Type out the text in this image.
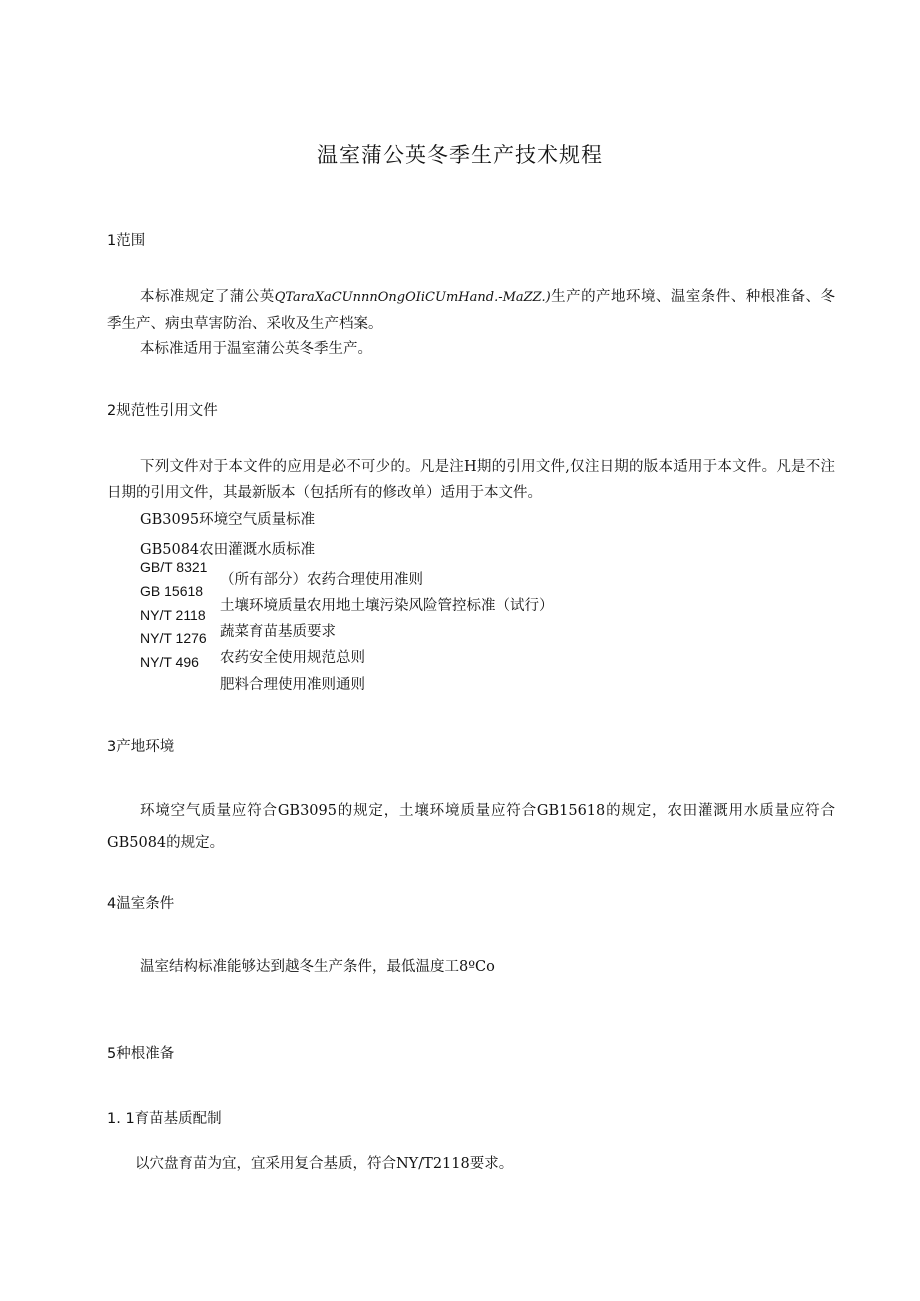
温室蒲公英冬季生产技术规程
1范围
本标准规定了蒲公英QTaraXaCUnnnOngOIiCUmHand.-MaZZ.)生产的产地环境、温室条件、种根准备、冬季生产、病虫草害防治、采收及生产档案。
本标准适用于温室蒲公英冬季生产。
2规范性引用文件
下列文件对于本文件的应用是必不可少的。凡是注H期的引用文件,仅注日期的版本适用于本文件。凡是不注日期的引用文件，其最新版本（包括所有的修改单）适用于本文件。
GB3095环境空气质量标准
GB5084农田灌溉水质标准
GB/T 8321
GB 15618
NY/T 2118
NY/T 1276
NY/T 496
（所有部分）农药合理使用准则
土壤环境质量农用地土壤污染风险管控标准（试行）
蔬菜育苗基质要求
农药安全使用规范总则
肥料合理使用准则通则
3产地环境
环境空气质量应符合GB3095的规定，土壤环境质量应符合GB15618的规定，农田灌溉用水质量应符合GB5084的规定。
4温室条件
温室结构标准能够达到越冬生产条件，最低温度工8ºCo
5种根准备
1. 1育苗基质配制
以穴盘育苗为宜，宜采用复合基质，符合NY/T2118要求。
